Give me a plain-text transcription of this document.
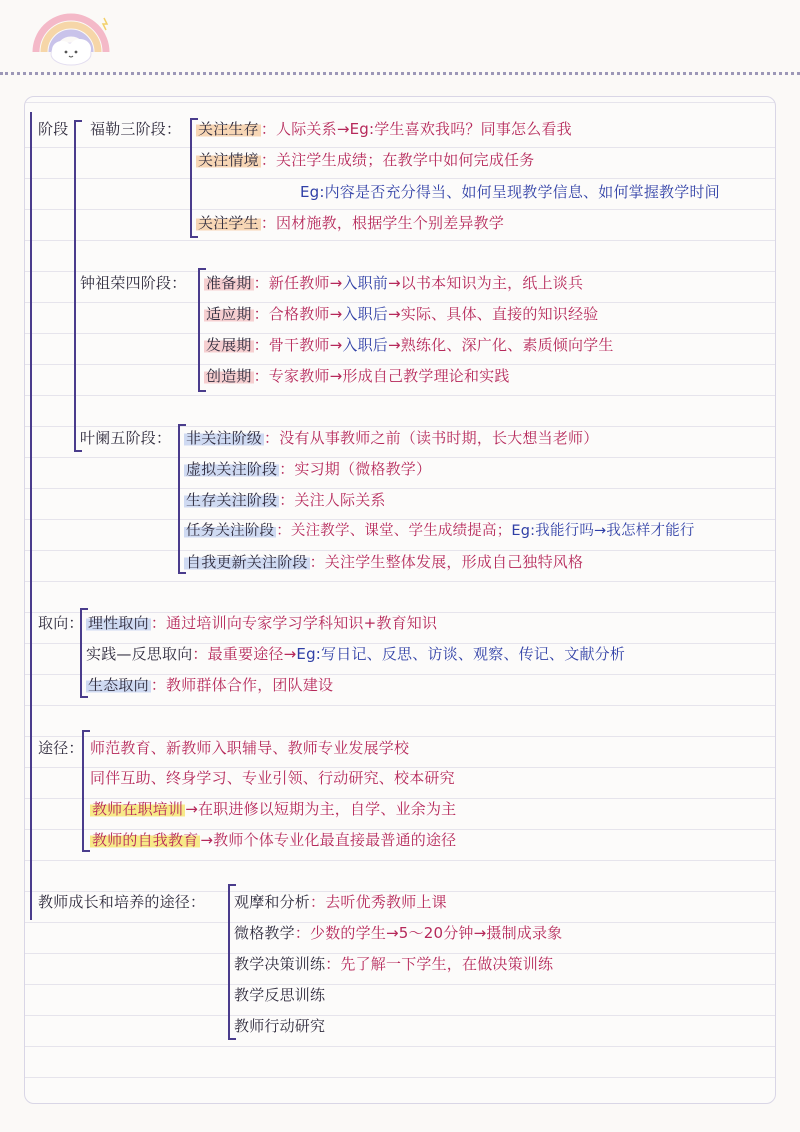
阶段 福勒三阶段： 关注生存 ：人际关系→Eg:学生喜欢我吗？同事怎么看我
关注情境 ：关注学生成绩；在教学中如何完成任务
Eg:内容是否充分得当、如何呈现教学信息、如何掌握教学时间
关注学生 ：因材施教，根据学生个别差异教学
钟祖荣四阶段： 准备期 ：新任教师→入职前→以书本知识为主，纸上谈兵
适应期 ：合格教师→入职后→实际、具体、直接的知识经验
发展期 ：骨干教师→入职后→熟练化、深广化、素质倾向学生
创造期 ：专家教师→形成自己教学理论和实践
叶阑五阶段： 非关注阶级 ：没有从事教师之前（读书时期，长大想当老师）
虚拟关注阶段 ：实习期（微格教学）
生存关注阶段 ：关注人际关系
任务关注阶段 ：关注教学、课堂、学生成绩提高；Eg:我能行吗→我怎样才能行
自我更新关注阶段 ：关注学生整体发展，形成自己独特风格
取向： 理性取向 ：通过培训向专家学习学科知识+教育知识
实践—反思取向：最重要途径→Eg:写日记、反思、访谈、观察、传记、文献分析
生态取向 ：教师群体合作，团队建设
途径： 师范教育、新教师入职辅导、教师专业发展学校
同伴互助、终身学习、专业引领、行动研究、校本研究
教师在职培训 →在职进修以短期为主，自学、业余为主
教师的自我教育 →教师个体专业化最直接最普通的途径
教师成长和培养的途径： 观摩和分析：去听优秀教师上课
微格教学：少数的学生→5～20分钟→摄制成录象
教学决策训练：先了解一下学生，在做决策训练
教学反思训练
教师行动研究
